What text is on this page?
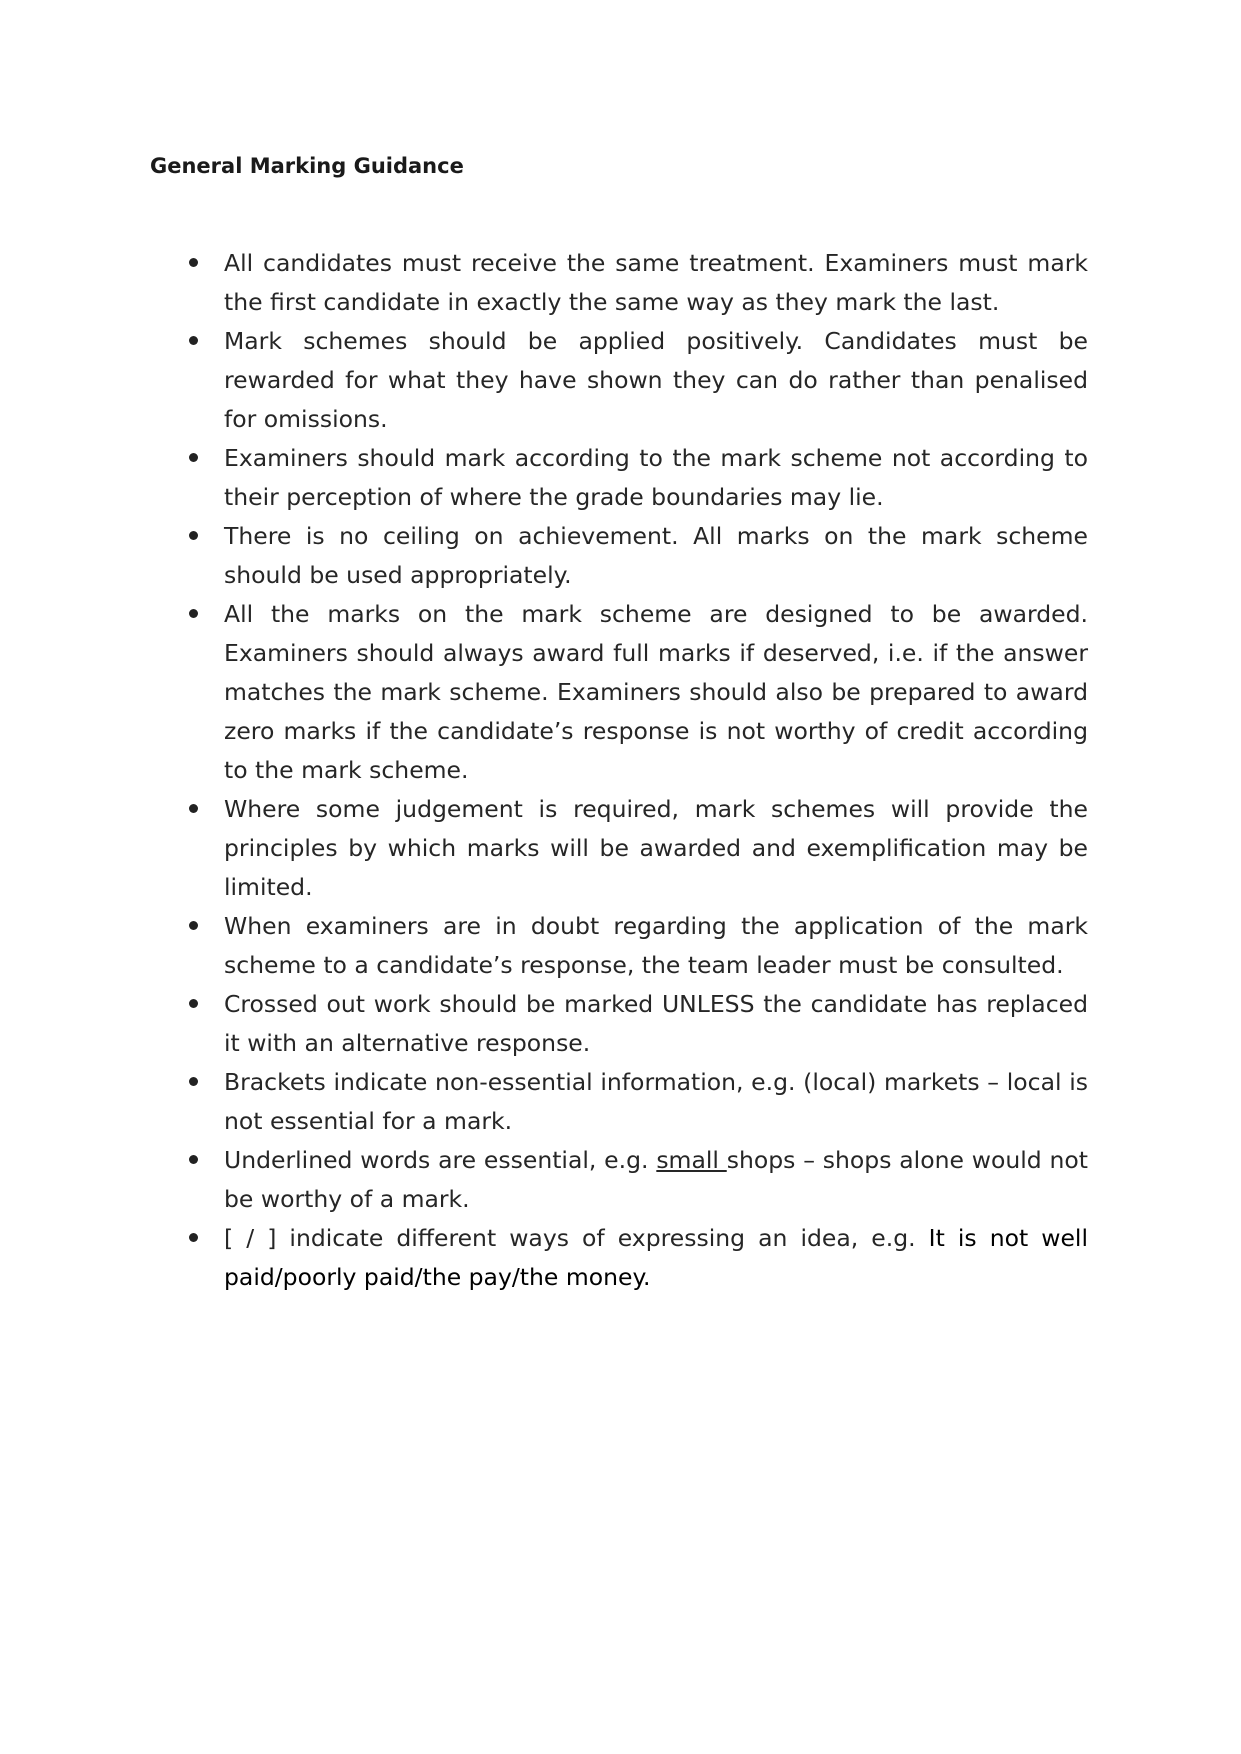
General Marking Guidance
All candidates must receive the same treatment. Examiners must mark the first candidate in exactly the same way as they mark the last.
Mark schemes should be applied positively. Candidates must be rewarded for what they have shown they can do rather than penalised for omissions.
Examiners should mark according to the mark scheme not according to their perception of where the grade boundaries may lie.
There is no ceiling on achievement. All marks on the mark scheme should be used appropriately.
All the marks on the mark scheme are designed to be awarded. Examiners should always award full marks if deserved, i.e. if the answer matches the mark scheme. Examiners should also be prepared to award zero marks if the candidate’s response is not worthy of credit according to the mark scheme.
Where some judgement is required, mark schemes will provide the principles by which marks will be awarded and exemplification may be limited.
When examiners are in doubt regarding the application of the mark scheme to a candidate’s response, the team leader must be consulted.
Crossed out work should be marked UNLESS the candidate has replaced it with an alternative response.
Brackets indicate non-essential information, e.g. (local) markets – local is not essential for a mark.
Underlined words are essential, e.g. small shops – shops alone would not be worthy of a mark.
[ / ] indicate different ways of expressing an idea, e.g. It is not well paid/poorly paid/the pay/the money.
